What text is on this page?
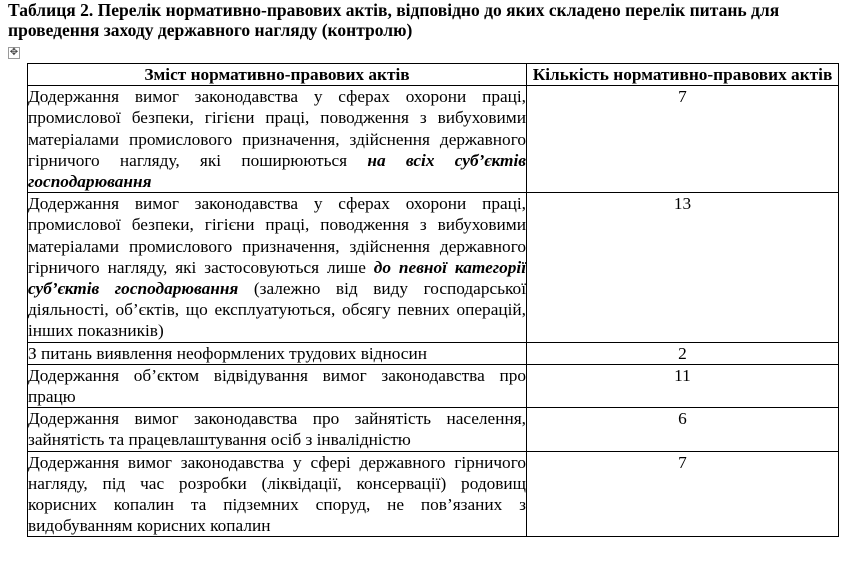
Таблиця 2. Перелік нормативно-правових актів, відповідно до яких складено перелік питань для проведення заходу державного нагляду (контролю)
✥
Зміст нормативно-правових актів	Кількість нормативно-правових актів
Додержання вимог законодавства у сферах охорони праці, промислової безпеки, гігієни праці, поводження з вибуховими матеріалами промислового призначення, здійснення державного гірничого нагляду, які поширюються на всіх суб’єктів господарювання	7
Додержання вимог законодавства у сферах охорони праці, промислової безпеки, гігієни праці, поводження з вибуховими матеріалами промислового призначення, здійснення державного гірничого нагляду, які застосовуються лише до певної категорії суб’єктів господарювання (залежно від виду господарської діяльності, об’єктів, що експлуатуються, обсягу певних операцій, інших показників)	13
З питань виявлення неоформлених трудових відносин	2
Додержання об’єктом відвідування вимог законодавства про працю	11
Додержання вимог законодавства про зайнятість населення, зайнятість та працевлаштування осіб з інвалідністю	6
Додержання вимог законодавства у сфері державного гірничого нагляду, під час розробки (ліквідації, консервації) родовищ корисних копалин та підземних споруд, не пов’язаних з видобуванням корисних копалин	7
